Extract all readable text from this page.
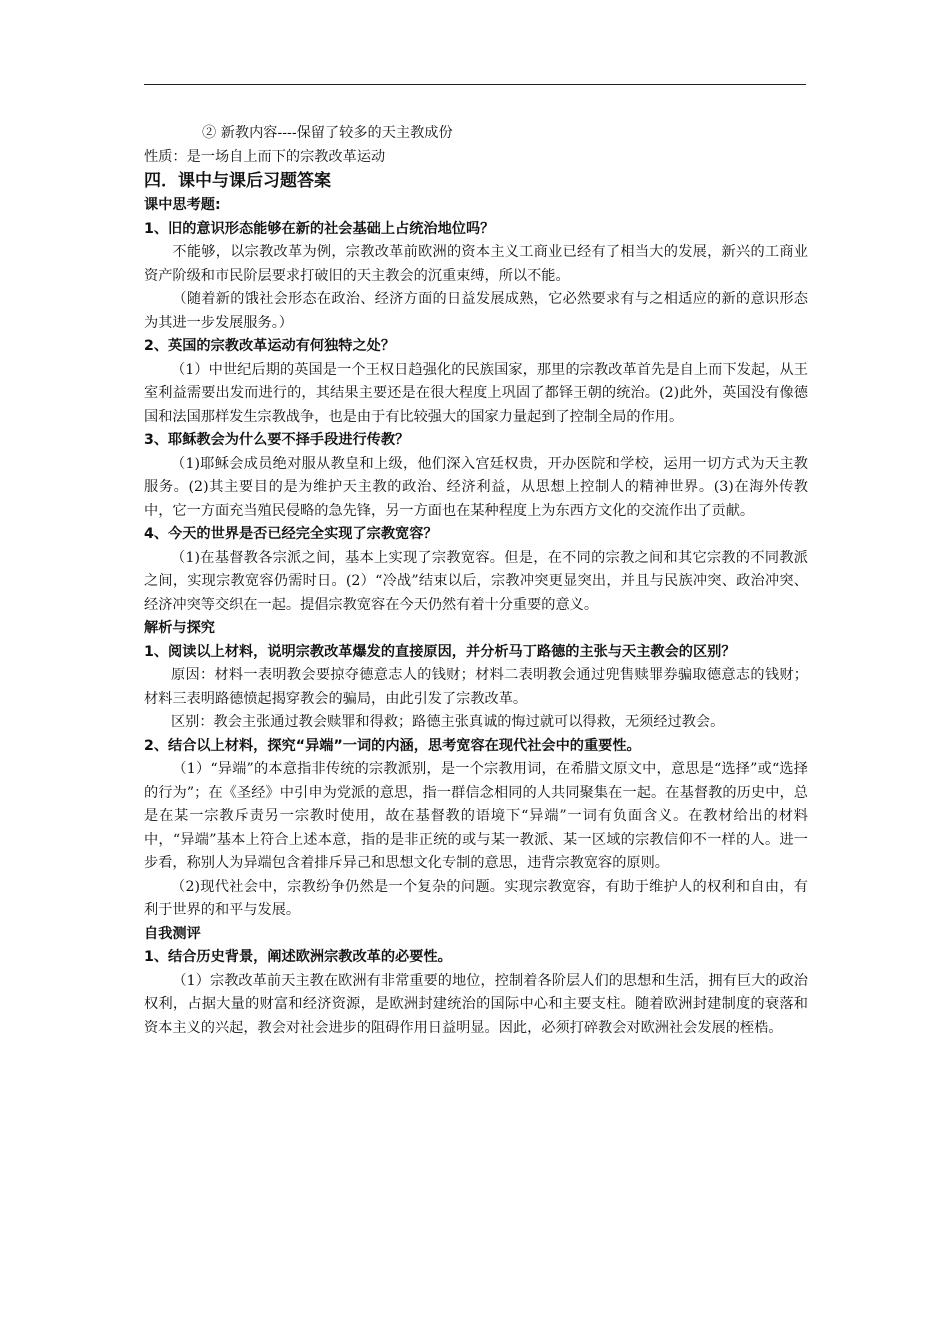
② 新教内容----保留了较多的天主教成份

性质：是一场自上而下的宗教改革运动

四．课中与课后习题答案

课中思考题:

1、旧的意识形态能够在新的社会基础上占统治地位吗？

不能够，以宗教改革为例，宗教改革前欧洲的资本主义工商业已经有了相当大的发展，新兴的工商业资产阶级和市民阶层要求打破旧的天主教会的沉重束缚，所以不能。

（随着新的饿社会形态在政治、经济方面的日益发展成熟，它必然要求有与之相适应的新的意识形态为其进一步发展服务。）

2、英国的宗教改革运动有何独特之处？

（1）中世纪后期的英国是一个王权日趋强化的民族国家，那里的宗教改革首先是自上而下发起，从王室利益需要出发而进行的，其结果主要还是在很大程度上巩固了都铎王朝的统治。(2)此外，英国没有像德国和法国那样发生宗教战争，也是由于有比较强大的国家力量起到了控制全局的作用。

3、耶稣教会为什么要不择手段进行传教？

（1)耶稣会成员绝对服从教皇和上级，他们深入宫廷权贵，开办医院和学校，运用一切方式为天主教服务。(2)其主要目的是为维护天主教的政治、经济利益，从思想上控制人的精神世界。(3)在海外传教中，它一方面充当殖民侵略的急先锋，另一方面也在某种程度上为东西方文化的交流作出了贡献。

4、今天的世界是否已经完全实现了宗教宽容？

（1)在基督教各宗派之间，基本上实现了宗教宽容。但是，在不同的宗教之间和其它宗教的不同教派之间，实现宗教宽容仍需时日。(2）“冷战”结束以后，宗教冲突更显突出，并且与民族冲突、政治冲突、经济冲突等交织在一起。提倡宗教宽容在今天仍然有着十分重要的意义。

解析与探究

1、阅读以上材料，说明宗教改革爆发的直接原因，并分析马丁路德的主张与天主教会的区别？

原因：材料一表明教会要掠夺德意志人的钱财；材料二表明教会通过兜售赎罪券骗取德意志的钱财；材料三表明路德愤起揭穿教会的骗局，由此引发了宗教改革。

区别：教会主张通过教会赎罪和得救；路德主张真诚的悔过就可以得救，无须经过教会。

2、结合以上材料，探究“异端”一词的内涵，思考宽容在现代社会中的重要性。

（1）“异端”的本意指非传统的宗教派别，是一个宗教用词，在希腊文原文中，意思是“选择”或“选择的行为”；在《圣经》中引申为党派的意思，指一群信念相同的人共同聚集在一起。在基督教的历史中，总是在某一宗教斥责另一宗教时使用，故在基督教的语境下“异端”一词有负面含义。在教材给出的材料中，“异端”基本上符合上述本意，指的是非正统的或与某一教派、某一区域的宗教信仰不一样的人。进一步看，称别人为异端包含着排斥异己和思想文化专制的意思，违背宗教宽容的原则。

（2)现代社会中，宗教纷争仍然是一个复杂的问题。实现宗教宽容，有助于维护人的权利和自由，有利于世界的和平与发展。

自我测评

1、结合历史背景，阐述欧洲宗教改革的必要性。

（1）宗教改革前天主教在欧洲有非常重要的地位，控制着各阶层人们的思想和生活，拥有巨大的政治权利，占据大量的财富和经济资源，是欧洲封建统治的国际中心和主要支柱。随着欧洲封建制度的衰落和资本主义的兴起，教会对社会进步的阻碍作用日益明显。因此，必须打碎教会对欧洲社会发展的桎梏。
